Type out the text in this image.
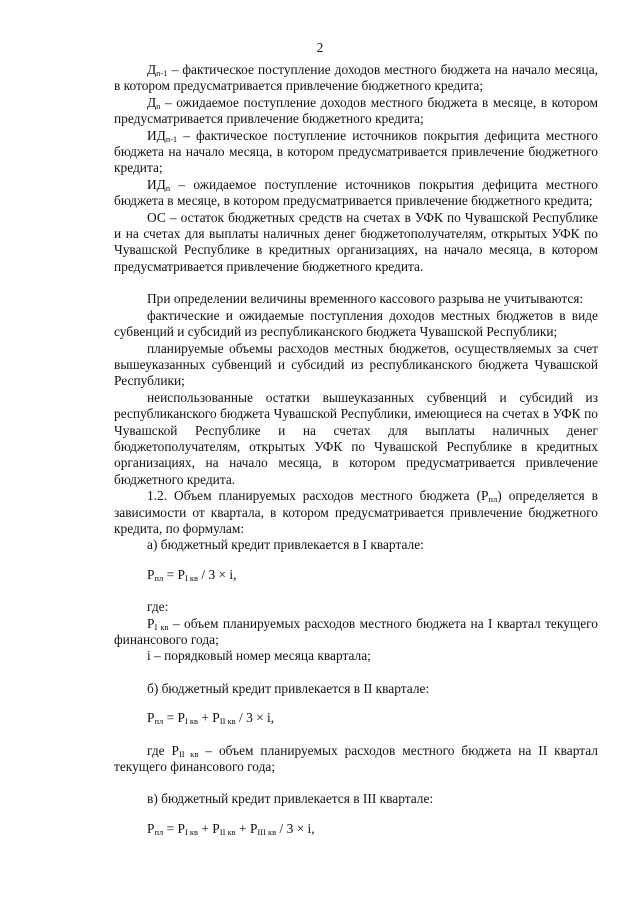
2

$Д_{n-1}$ – фактическое поступление доходов местного бюджета на начало месяца, в котором предусматривается привлечение бюджетного кредита;

$Д_n$ – ожидаемое поступление доходов местного бюджета в месяце, в котором предусматривается привлечение бюджетного кредита;

$ИД_{n-1}$ – фактическое поступление источников покрытия дефицита местного бюджета на начало месяца, в котором предусматривается привлечение бюджетного кредита;

$ИД_n$ – ожидаемое поступление источников покрытия дефицита местного бюджета в месяце, в котором предусматривается привлечение бюджетного кредита;

ОС – остаток бюджетных средств на счетах в УФК по Чувашской Республике и на счетах для выплаты наличных денег бюджетополучателям, открытых УФК по Чувашской Республике в кредитных организациях, на начало месяца, в котором предусматривается привлечение бюджетного кредита.

При определении величины временного кассового разрыва не учитываются:

фактические и ожидаемые поступления доходов местных бюджетов в виде субвенций и субсидий из республиканского бюджета Чувашской Республики;

планируемые объемы расходов местных бюджетов, осуществляемых за счет вышеуказанных субвенций и субсидий из республиканского бюджета Чувашской Республики;

неиспользованные остатки вышеуказанных субвенций и субсидий из республиканского бюджета Чувашской Республики, имеющиеся на счетах в УФК по Чувашской Республике и на счетах для выплаты наличных денег бюджетополучателям, открытых УФК по Чувашской Республике в кредитных организациях, на начало месяца, в котором предусматривается привлечение бюджетного кредита.

1.2. Объем планируемых расходов местного бюджета $(Р_{пл})$ определяется в зависимости от квартала, в котором предусматривается привлечение бюджетного кредита, по формулам:

а) бюджетный кредит привлекается в I квартале:

$Р_{пл} = Р_{I кв} / 3 \times i$,

где:

$Р_{I кв}$ – объем планируемых расходов местного бюджета на I квартал текущего финансового года;

i – порядковый номер месяца квартала;

б) бюджетный кредит привлекается в II квартале:

$Р_{пл} = Р_{I кв} + Р_{II кв} / 3 \times i$,

где $Р_{II кв}$ – объем планируемых расходов местного бюджета на II квартал текущего финансового года;

в) бюджетный кредит привлекается в III квартале:

$Р_{пл} = Р_{I кв} + Р_{II кв} + Р_{III кв} / 3 \times i$,
